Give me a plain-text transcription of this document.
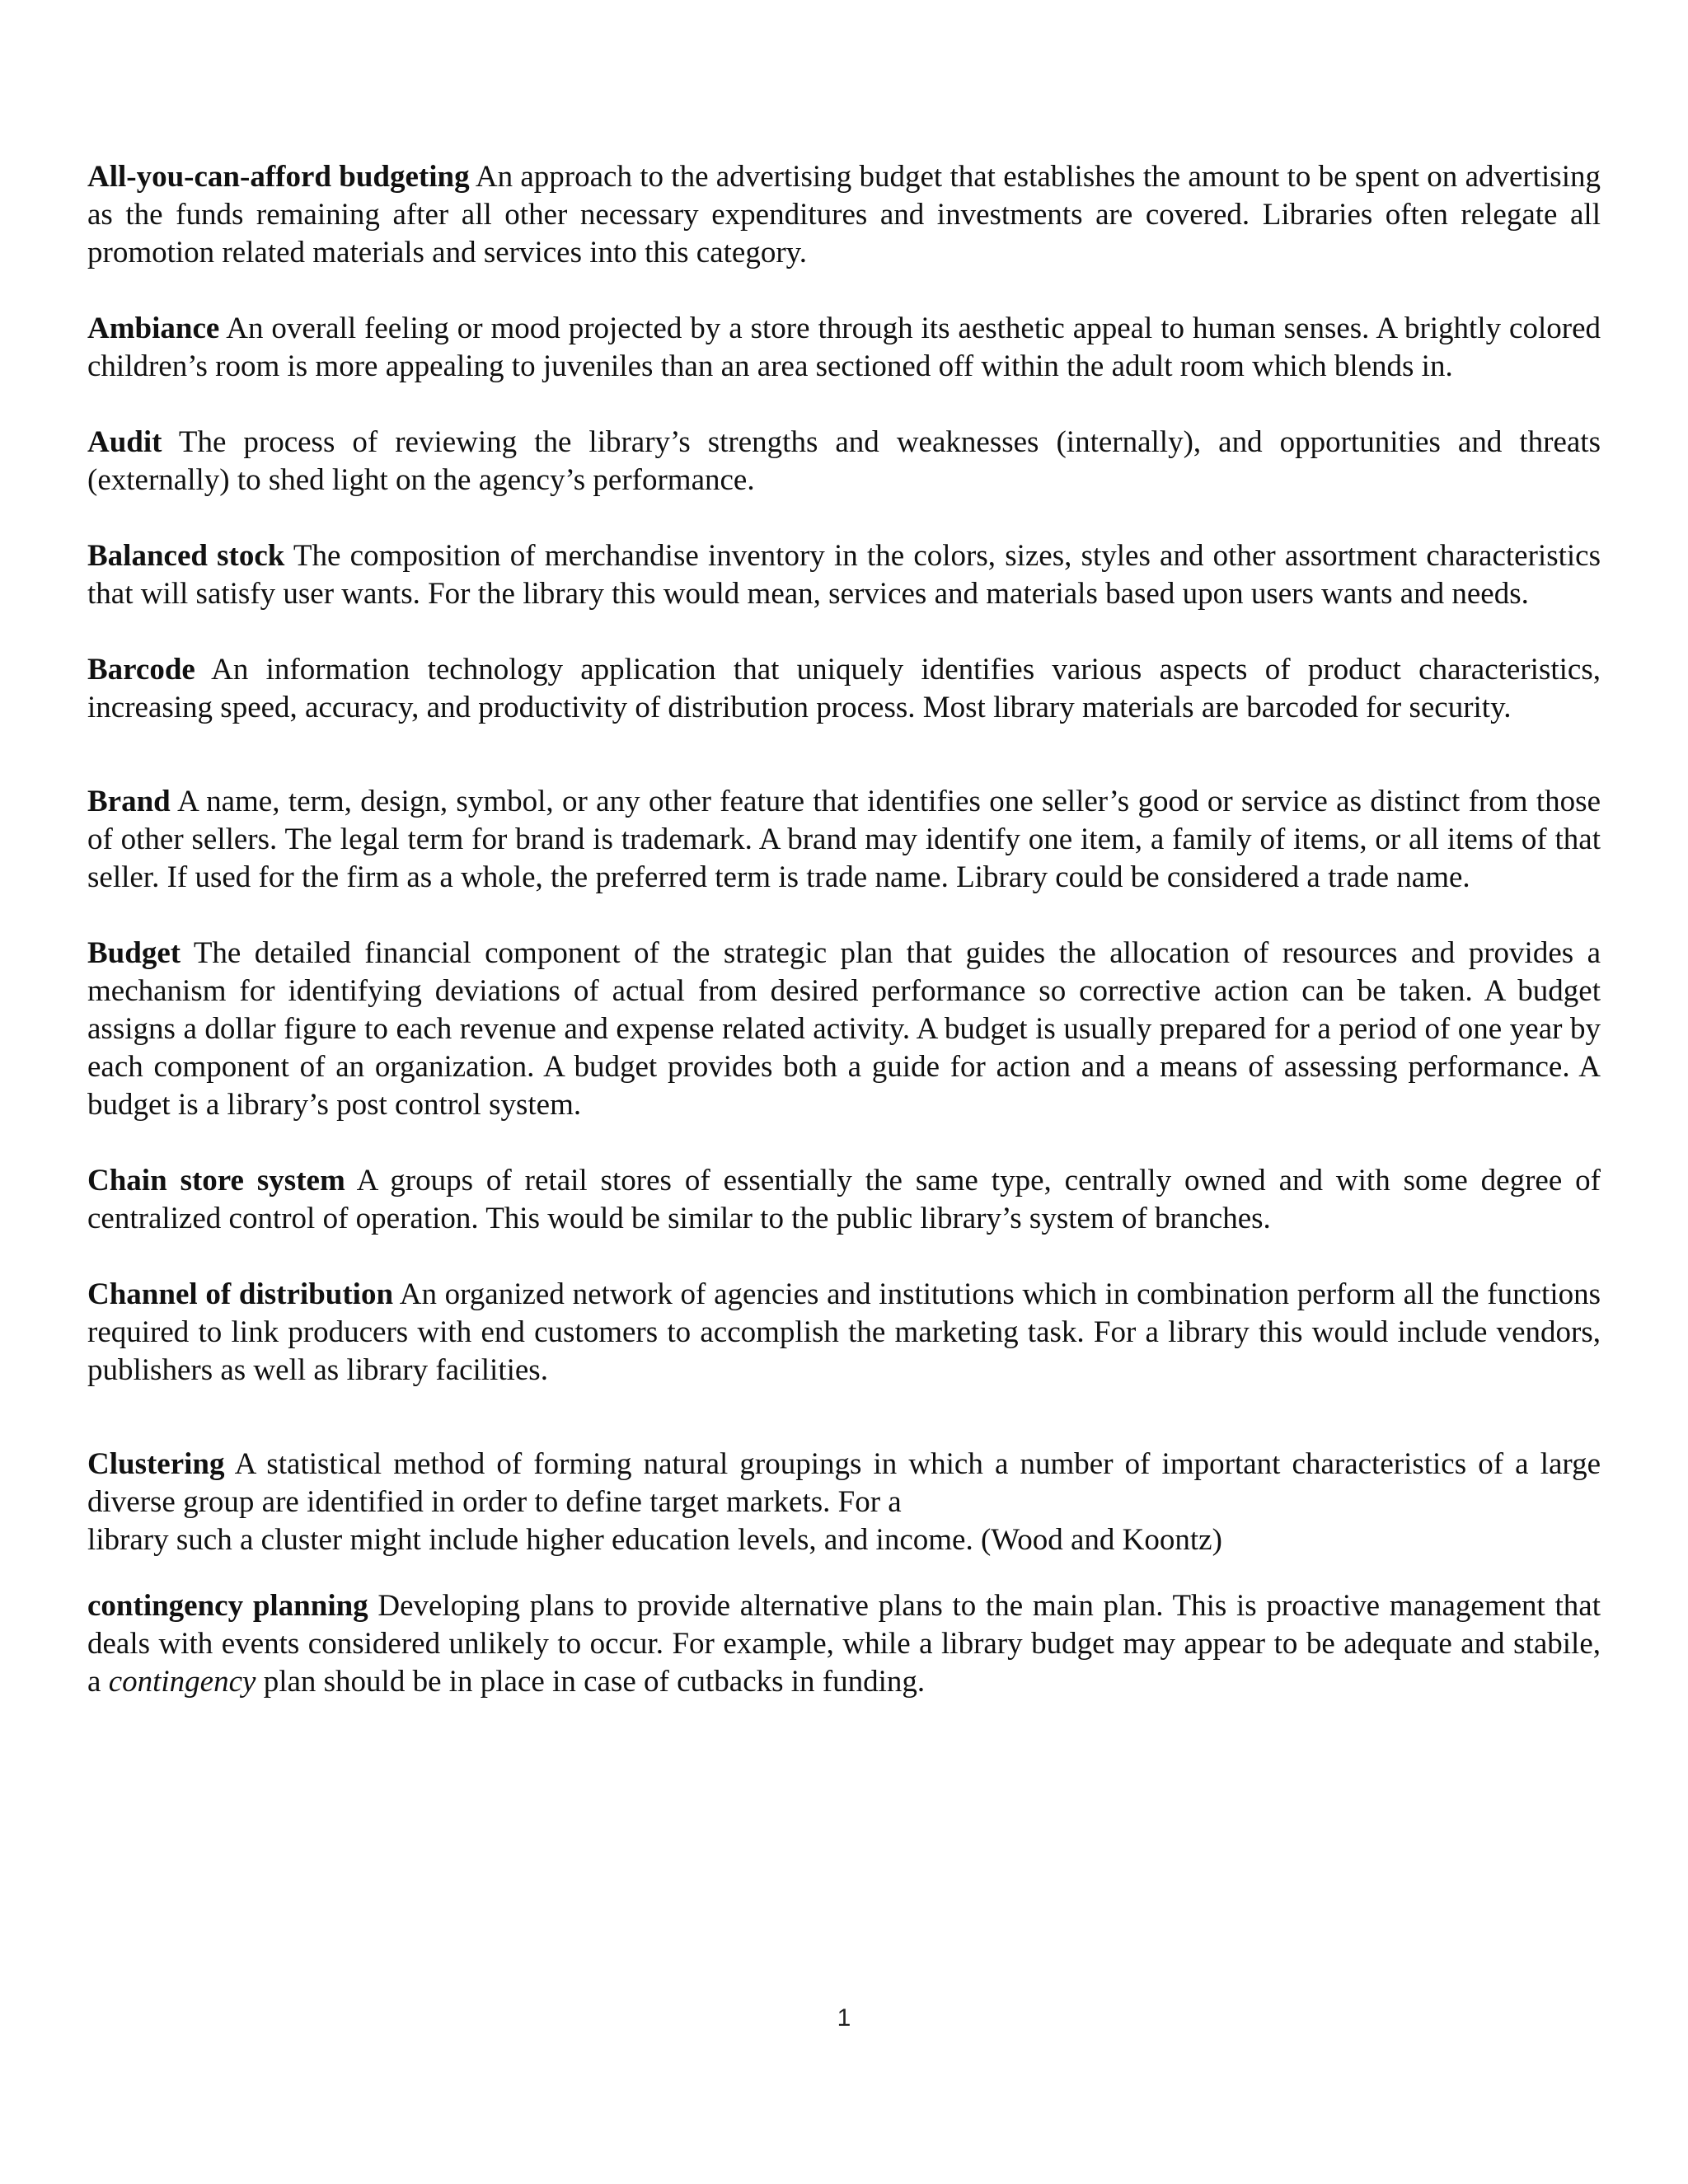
All-you-can-afford budgeting An approach to the advertising budget that establishes the amount to be spent on advertising as the funds remaining after all other necessary expenditures and investments are covered. Libraries often relegate all promotion related materials and services into this category.

Ambiance An overall feeling or mood projected by a store through its aesthetic appeal to human senses. A brightly colored children’s room is more appealing to juveniles than an area sectioned off within the adult room which blends in.

Audit The process of reviewing the library’s strengths and weaknesses (internally), and opportunities and threats (externally) to shed light on the agency’s performance.

Balanced stock The composition of merchandise inventory in the colors, sizes, styles and other assortment characteristics that will satisfy user wants. For the library this would mean, services and materials based upon users wants and needs.

Barcode An information technology application that uniquely identifies various aspects of product characteristics, increasing speed, accuracy, and productivity of distribution process. Most library materials are barcoded for security.

Brand A name, term, design, symbol, or any other feature that identifies one seller’s good or service as distinct from those of other sellers. The legal term for brand is trademark. A brand may identify one item, a family of items, or all items of that seller. If used for the firm as a whole, the preferred term is trade name. Library could be considered a trade name.

Budget The detailed financial component of the strategic plan that guides the allocation of resources and provides a mechanism for identifying deviations of actual from desired performance so corrective action can be taken. A budget assigns a dollar figure to each revenue and expense related activity. A budget is usually prepared for a period of one year by each component of an organization. A budget provides both a guide for action and a means of assessing performance. A budget is a library’s post control system.

Chain store system A groups of retail stores of essentially the same type, centrally owned and with some degree of centralized control of operation. This would be similar to the public library’s system of branches.

Channel of distribution An organized network of agencies and institutions which in combination perform all the functions required to link producers with end customers to accomplish the marketing task. For a library this would include vendors, publishers as well as library facilities.

Clustering A statistical method of forming natural groupings in which a number of important characteristics of a large diverse group are identified in order to define target markets. For a
library such a cluster might include higher education levels, and income. (Wood and Koontz)

contingency planning Developing plans to provide alternative plans to the main plan. This is proactive management that deals with events considered unlikely to occur. For example, while a library budget may appear to be adequate and stabile, a contingency plan should be in place in case of cutbacks in funding.

1
